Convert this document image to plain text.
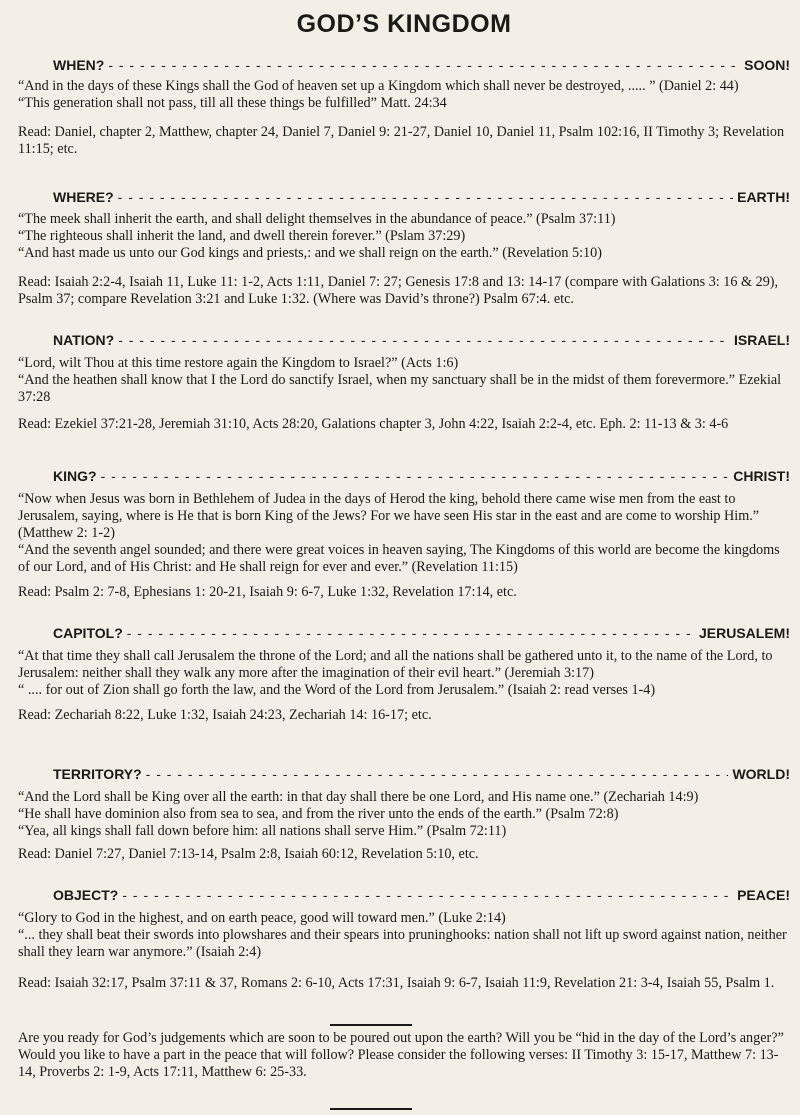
GOD’S KINGDOM
WHEN? - - -	SOON!

“And in the days of these Kings shall the God of heaven set up a Kingdom which shall never be destroyed, ..... ” (Daniel 2: 44)

“This generation shall not pass, till all these things be fulfilled” Matt. 24:34

Read: Daniel, chapter 2, Matthew, chapter 24, Daniel 7, Daniel 9: 21-27, Daniel 10, Daniel 11, Psalm 102:16, II Timothy 3; Revelation 11:15; etc.

WHERE? - - -	EARTH!

“The meek shall inherit the earth, and shall delight themselves in the abundance of peace.” (Psalm 37:11)

“The righteous shall inherit the land, and dwell therein forever.” (Pslam 37:29)

“And hast made us unto our God kings and priests,: and we shall reign on the earth.” (Revelation 5:10)

Read: Isaiah 2:2-4, Isaiah 11, Luke 11: 1-2, Acts 1:11, Daniel 7: 27; Genesis 17:8 and 13: 14-17 (compare with Galations 3: 16 & 29), Psalm 37; compare Revelation 3:21 and Luke 1:32. (Where was David’s throne?) Psalm 67:4. etc.

NATION? - - -	ISRAEL!

“Lord, wilt Thou at this time restore again the Kingdom to Israel?” (Acts 1:6)

“And the heathen shall know that I the Lord do sanctify Israel, when my sanctuary shall be in the midst of them forevermore.” Ezekial 37:28

Read: Ezekiel 37:21-28, Jeremiah 31:10, Acts 28:20, Galations chapter 3, John 4:22, Isaiah 2:2-4, etc. Eph. 2: 11-13 & 3: 4-6

KING? - - -	CHRIST!

“Now when Jesus was born in Bethlehem of Judea in the days of Herod the king, behold there came wise men from the east to Jerusalem, saying, where is He that is born King of the Jews? For we have seen His star in the east and are come to worship Him.” (Matthew 2: 1-2)

“And the seventh angel sounded; and there were great voices in heaven saying, The Kingdoms of this world are become the kingdoms of our Lord, and of His Christ: and He shall reign for ever and ever.” (Revelation 11:15)

Read: Psalm 2: 7-8, Ephesians 1: 20-21, Isaiah 9: 6-7, Luke 1:32, Revelation 17:14, etc.

CAPITOL? - - -	JERUSALEM!

“At that time they shall call Jerusalem the throne of the Lord; and all the nations shall be gathered unto it, to the name of the Lord, to Jerusalem: neither shall they walk any more after the imagination of their evil heart.” (Jeremiah 3:17)

“ .... for out of Zion shall go forth the law, and the Word of the Lord from Jerusalem.” (Isaiah 2: read verses 1-4)

Read: Zechariah 8:22, Luke 1:32, Isaiah 24:23, Zechariah 14: 16-17; etc.

TERRITORY? - - -	WORLD!

“And the Lord shall be King over all the earth: in that day shall there be one Lord, and His name one.” (Zechariah 14:9)

“He shall have dominion also from sea to sea, and from the river unto the ends of the earth.” (Psalm 72:8)

“Yea, all kings shall fall down before him: all nations shall serve Him.” (Psalm 72:11)

Read: Daniel 7:27, Daniel 7:13-14, Psalm 2:8, Isaiah 60:12, Revelation 5:10, etc.

OBJECT? - - -	PEACE!

“Glory to God in the highest, and on earth peace, good will toward men.” (Luke 2:14)

“... they shall beat their swords into plowshares and their spears into pruninghooks: nation shall not lift up sword against nation, neither shall they learn war anymore.” (Isaiah 2:4)

Read: Isaiah 32:17, Psalm 37:11 & 37, Romans 2: 6-10, Acts 17:31, Isaiah 9: 6-7, Isaiah 11:9, Revelation 21: 3-4, Isaiah 55, Psalm 1.

Are you ready for God’s judgements which are soon to be poured out upon the earth? Will you be “hid in the day of the Lord’s anger?” Would you like to have a part in the peace that will follow? Please consider the following verses: II Timothy 3: 15-17, Matthew 7: 13-14, Proverbs 2: 1-9, Acts 17:11, Matthew 6: 25-33.
